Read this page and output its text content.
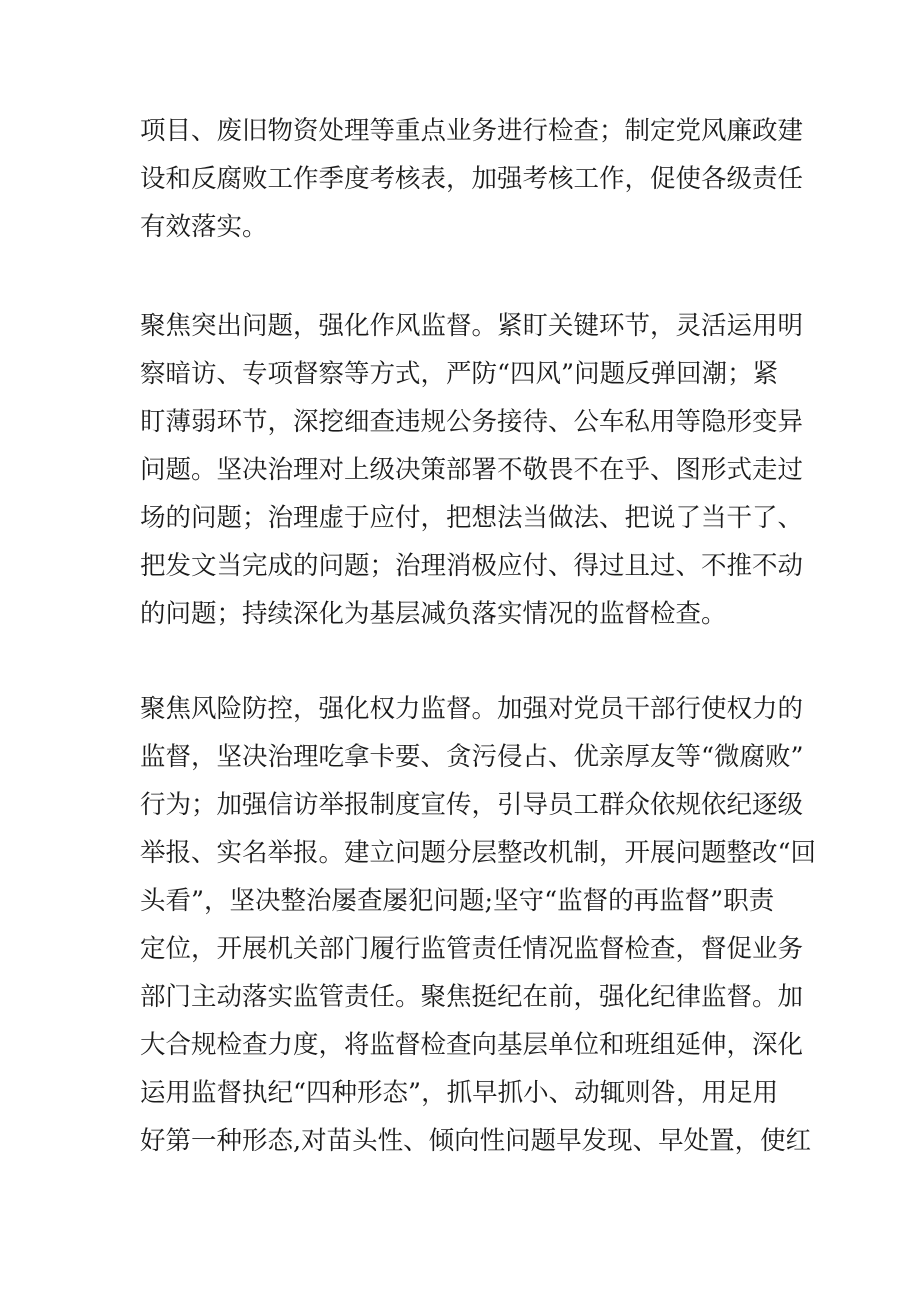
项目、废旧物资处理等重点业务进行检查；制定党风廉政建
设和反腐败工作季度考核表，加强考核工作，促使各级责任
有效落实。
聚焦突出问题，强化作风监督。紧盯关键环节，灵活运用明
察暗访、专项督察等方式，严防“四风”问题反弹回潮；紧
盯薄弱环节，深挖细查违规公务接待、公车私用等隐形变异
问题。坚决治理对上级决策部署不敬畏不在乎、图形式走过
场的问题；治理虚于应付，把想法当做法、把说了当干了、
把发文当完成的问题；治理消极应付、得过且过、不推不动
的问题；持续深化为基层减负落实情况的监督检查。
聚焦风险防控，强化权力监督。加强对党员干部行使权力的
监督，坚决治理吃拿卡要、贪污侵占、优亲厚友等“微腐败”
行为；加强信访举报制度宣传，引导员工群众依规依纪逐级
举报、实名举报。建立问题分层整改机制，开展问题整改“回
头看”，坚决整治屡查屡犯问题;坚守“监督的再监督”职责
定位，开展机关部门履行监管责任情况监督检查，督促业务
部门主动落实监管责任。聚焦挺纪在前，强化纪律监督。加
大合规检查力度，将监督检查向基层单位和班组延伸，深化
运用监督执纪“四种形态”，抓早抓小、动辄则咎，用足用
好第一种形态,对苗头性、倾向性问题早发现、早处置，使红
